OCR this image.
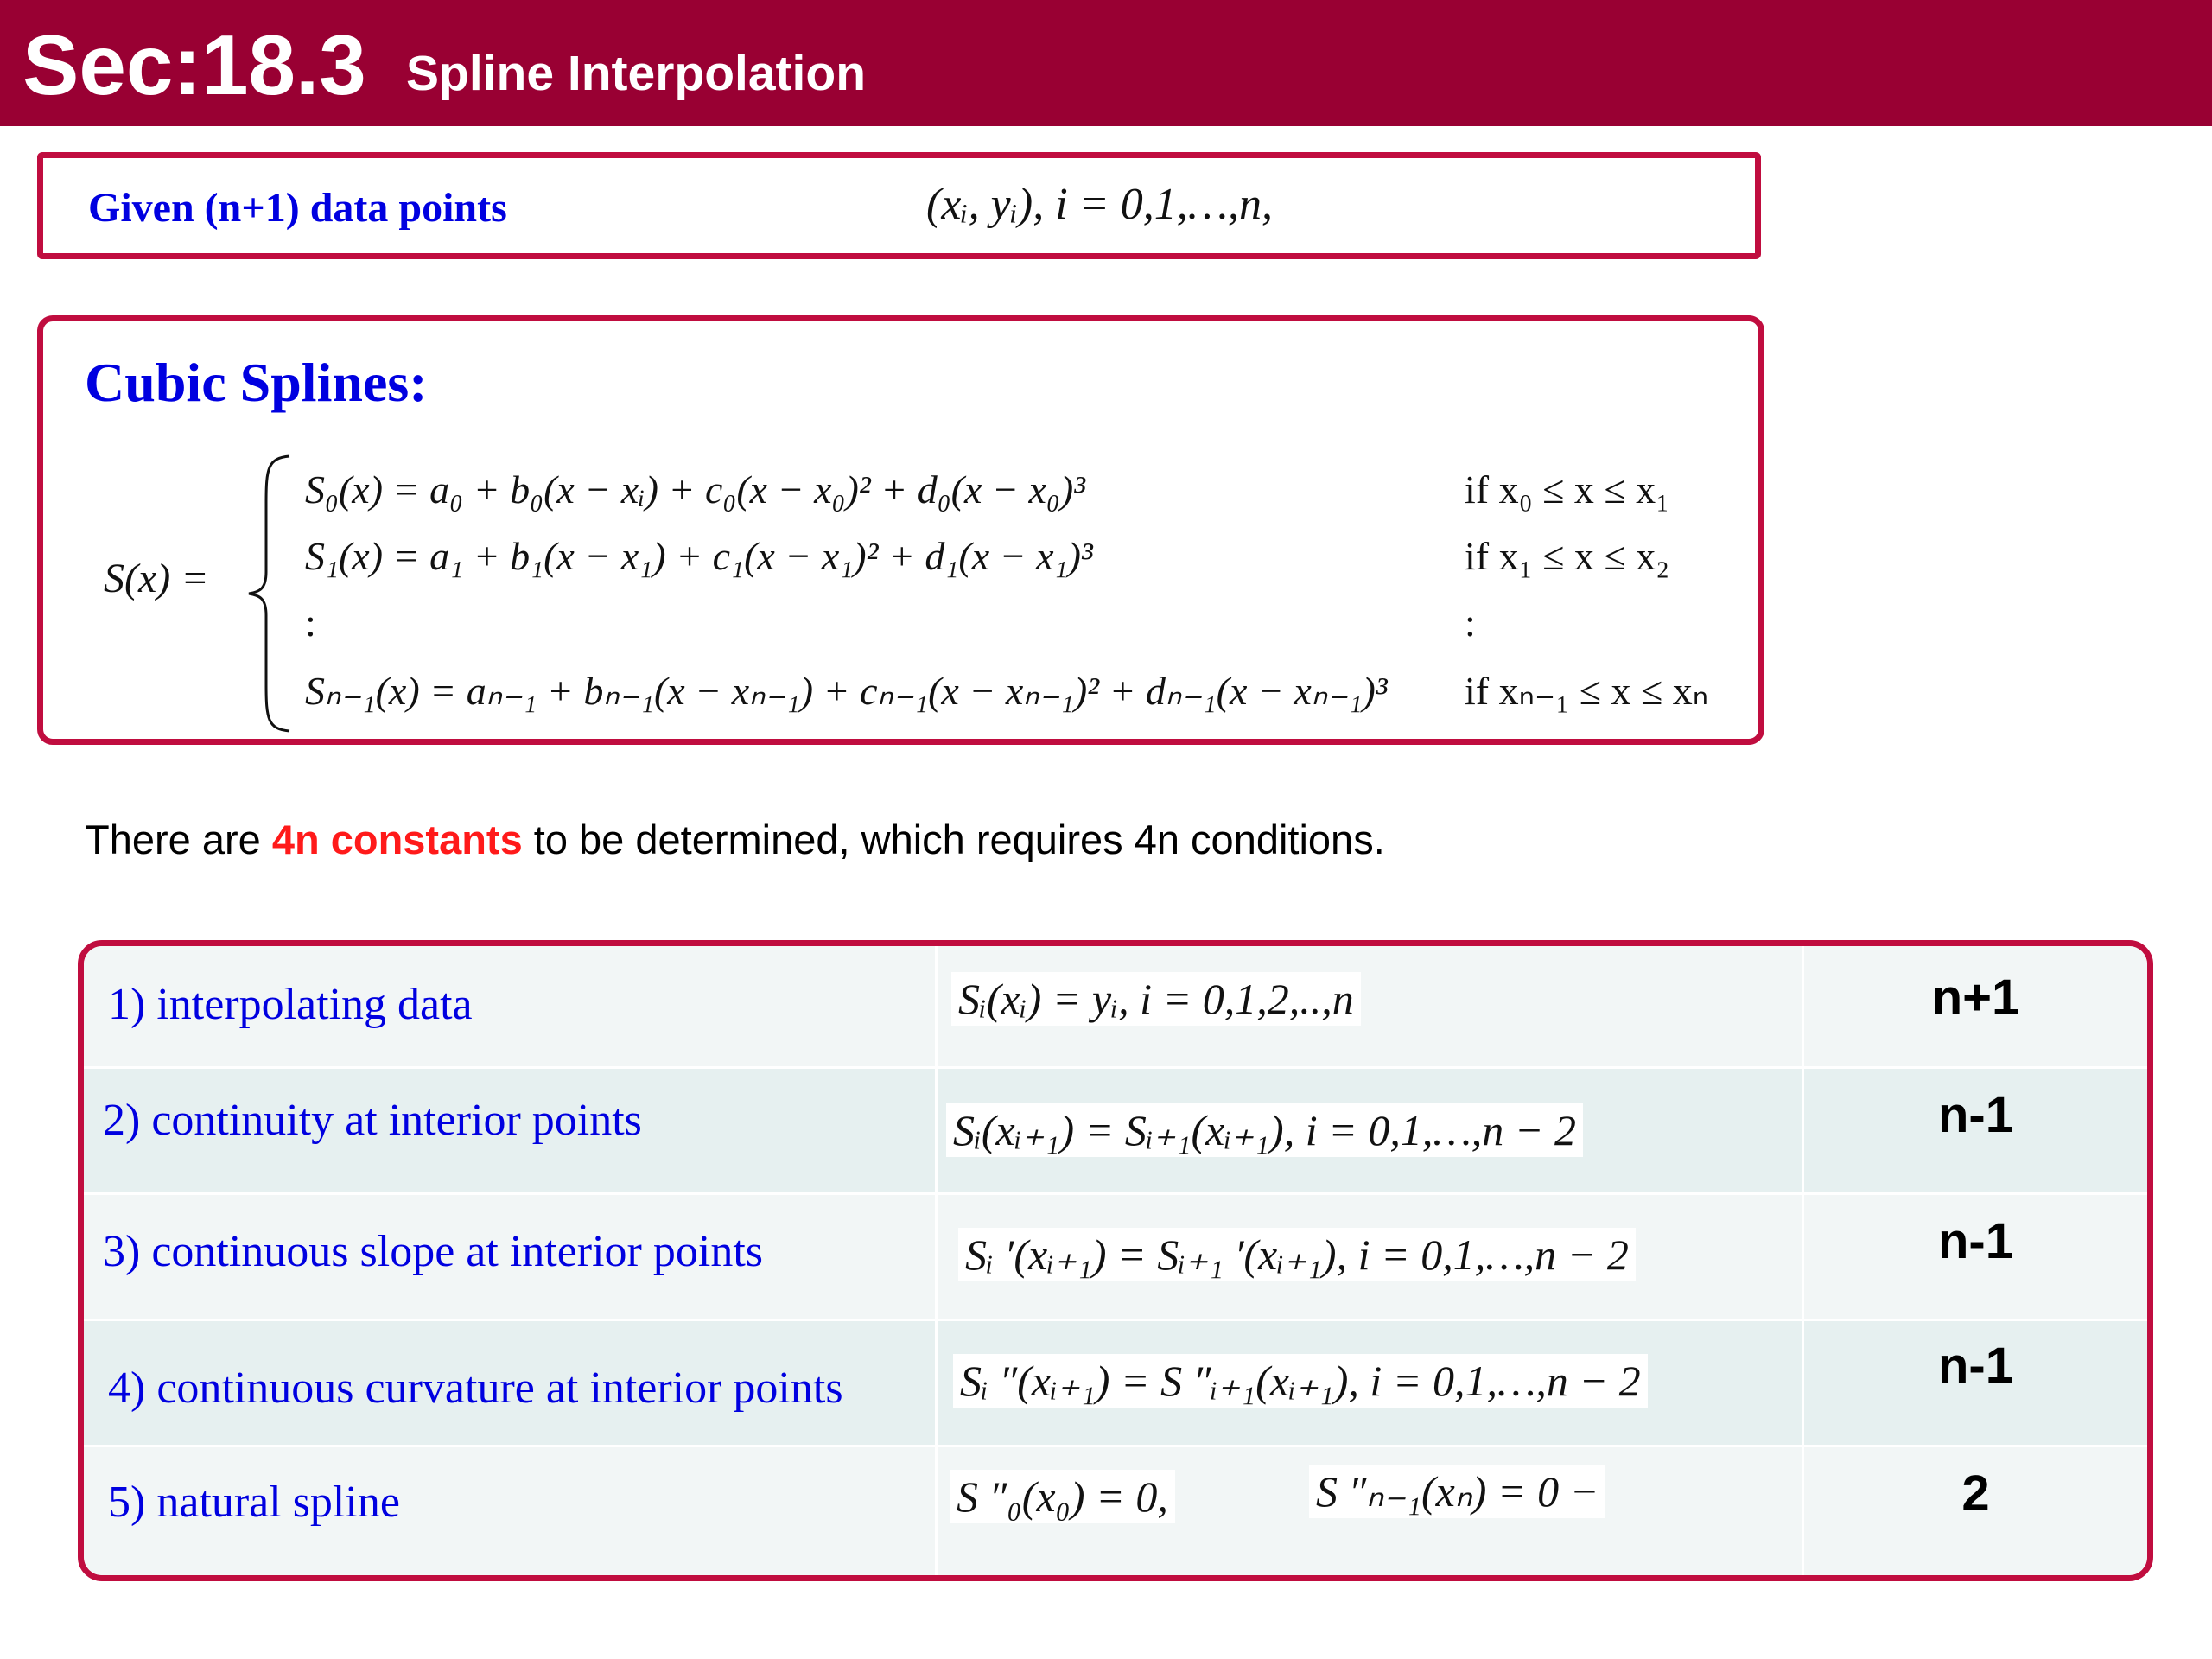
Sec:18.3 Spline Interpolation
Given (n+1) data points	(xᵢ, yᵢ), i = 0,1,…,n,
Cubic Splines:
S(x) =
S₀(x) = a₀ + b₀(x − xᵢ) + c₀(x − x₀)² + d₀(x − x₀)³	if x₀ ≤ x ≤ x₁
S₁(x) = a₁ + b₁(x − x₁) + c₁(x − x₁)² + d₁(x − x₁)³	if x₁ ≤ x ≤ x₂
:	:
Sₙ₋₁(x) = aₙ₋₁ + bₙ₋₁(x − xₙ₋₁) + cₙ₋₁(x − xₙ₋₁)² + dₙ₋₁(x − xₙ₋₁)³ if xₙ₋₁ ≤ x ≤ xₙ
There are 4n constants to be determined, which requires 4n conditions.
1) interpolating data	Sᵢ(xᵢ) = yᵢ, i = 0,1,2,..,n	n+1
2) continuity at interior points	Sᵢ(xᵢ₊₁) = Sᵢ₊₁(xᵢ₊₁), i = 0,1,…,n − 2	n-1
3) continuous slope at interior points	Sᵢ ′(xᵢ₊₁) = Sᵢ₊₁ ′(xᵢ₊₁), i = 0,1,…,n − 2	n-1
4) continuous curvature at interior points	Sᵢ ″(xᵢ₊₁) = S ″ᵢ₊₁(xᵢ₊₁), i = 0,1,…,n − 2	n-1
5) natural spline	S ″₀(x₀) = 0,	S ″ₙ₋₁(xₙ) = 0 −	2
